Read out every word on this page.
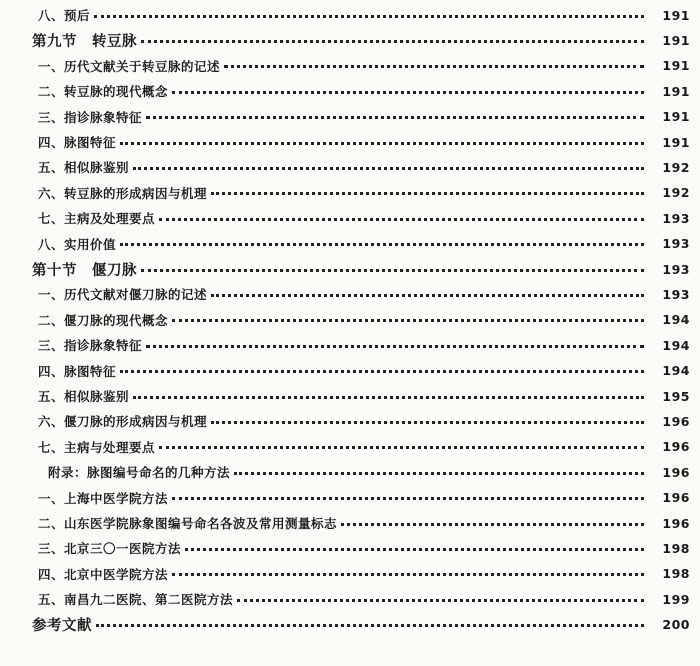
八、预后	191
第九节　转豆脉	191
一、历代文献关于转豆脉的记述	191
二、转豆脉的现代概念	191
三、指诊脉象特征	191
四、脉图特征	191
五、相似脉鉴别	192
六、转豆脉的形成病因与机理	192
七、主病及处理要点	193
八、实用价值	193
第十节　偃刀脉	193
一、历代文献对偃刀脉的记述	193
二、偃刀脉的现代概念	194
三、指诊脉象特征	194
四、脉图特征	194
五、相似脉鉴别	195
六、偃刀脉的形成病因与机理	196
七、主病与处理要点	196
附录：脉图编号命名的几种方法	196
一、上海中医学院方法	196
二、山东医学院脉象图编号命名各波及常用测量标志	196
三、北京三〇一医院方法	198
四、北京中医学院方法	198
五、南昌九二医院、第二医院方法	199
参考文献	200
